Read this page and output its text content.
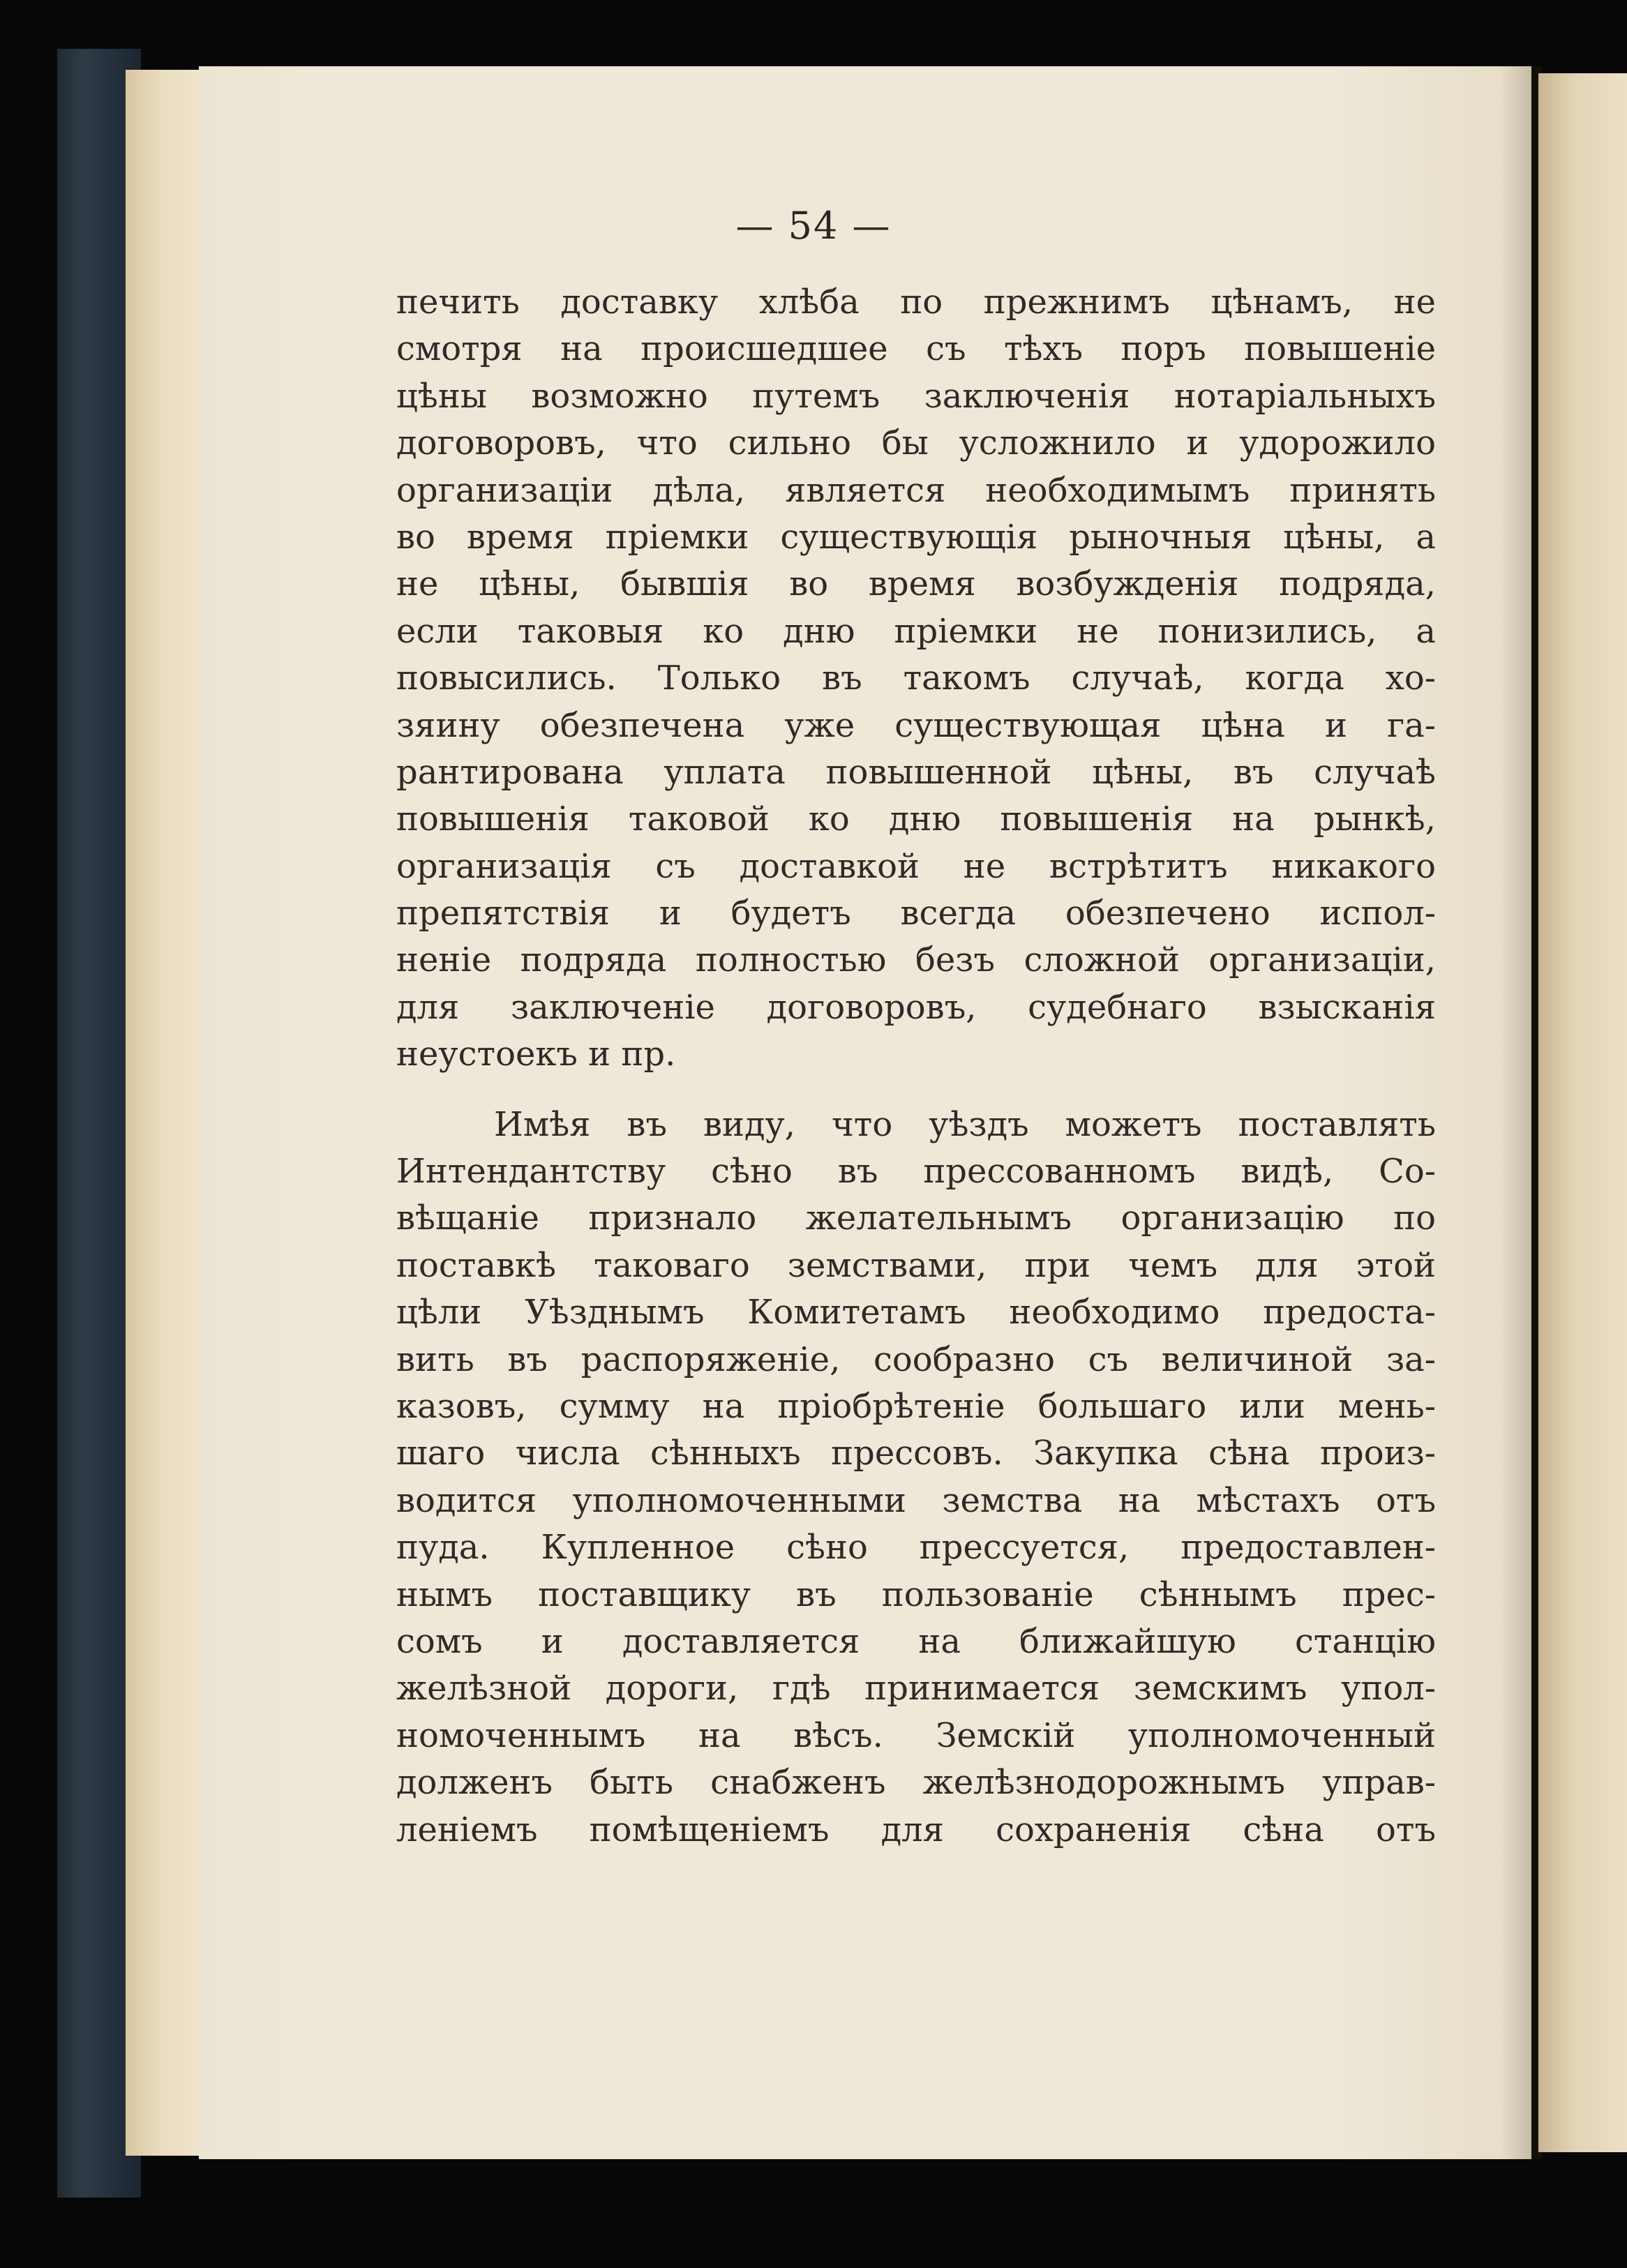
— 54 —
печить доставку хлѣба по прежнимъ цѣнамъ, не
смотря на происшедшее съ тѣхъ поръ повышеніе
цѣны возможно путемъ заключенія нотаріальныхъ
договоровъ, что сильно бы усложнило и удорожило
организаціи дѣла, является необходимымъ принять
во время пріемки существующія рыночныя цѣны, а
не цѣны, бывшія во время возбужденія подряда,
если таковыя ко дню пріемки не понизились, а
повысились. Только въ такомъ случаѣ, когда хо-
зяину обезпечена уже существующая цѣна и га-
рантирована уплата повышенной цѣны, въ случаѣ
повышенія таковой ко дню повышенія на рынкѣ,
организація съ доставкой не встрѣтитъ никакого
препятствія и будетъ всегда обезпечено испол-
неніе подряда полностью безъ сложной организаціи,
для заключеніе договоровъ, судебнаго взысканія
неустоекъ и пр.
Имѣя въ виду, что уѣздъ можетъ поставлять
Интендантству сѣно въ прессованномъ видѣ, Со-
вѣщаніе признало желательнымъ организацію по
поставкѣ таковаго земствами, при чемъ для этой
цѣли Уѣзднымъ Комитетамъ необходимо предоста-
вить въ распоряженіе, сообразно съ величиной за-
казовъ, сумму на пріобрѣтеніе большаго или мень-
шаго числа сѣнныхъ прессовъ. Закупка сѣна произ-
водится уполномоченными земства на мѣстахъ отъ
пуда. Купленное сѣно прессуется, предоставлен-
нымъ поставщику въ пользованіе сѣннымъ прес-
сомъ и доставляется на ближайшую станцію
желѣзной дороги, гдѣ принимается земскимъ упол-
номоченнымъ на вѣсъ. Земскій уполномоченный
долженъ быть снабженъ желѣзнодорожнымъ управ-
леніемъ помѣщеніемъ для сохраненія сѣна отъ
